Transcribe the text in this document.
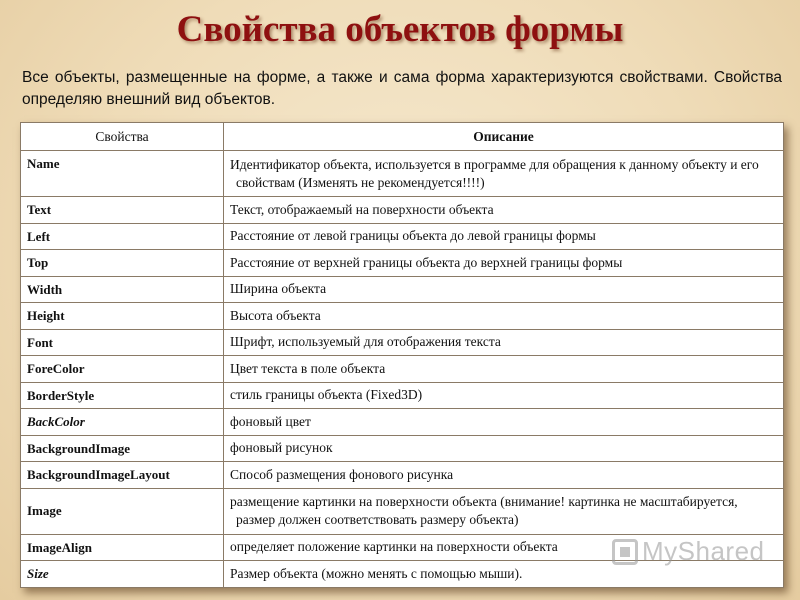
Свойства объектов формы
Все объекты, размещенные на форме, а также и сама форма характеризуются свойствами. Свойства определяю внешний вид объектов.
Свойства	Описание
Name	Идентификатор объекта, используется в программе для обращения к данному объекту и его свойствам (Изменять не рекомендуется!!!!)

Text	Текст, отображаемый на поверхности объекта
Left	Расстояние от левой границы объекта до левой границы формы
Top	Расстояние от верхней границы объекта до верхней границы формы
Width	Ширина объекта
Height	Высота объекта
Font	Шрифт, используемый для отображения текста
ForeColor	Цвет текста в поле объекта
BorderStyle	стиль границы объекта (Fixed3D)
BackColor	фоновый цвет
BackgroundImage	фоновый рисунок
BackgroundImageLayout	Способ размещения фонового рисунка
Image	размещение картинки на поверхности объекта (внимание! картинка не масштабируется, размер должен соответствовать размеру объекта)

ImageAlign	определяет положение картинки на поверхности объекта
Size	Размер объекта (можно менять с помощью мыши).
MyShared
